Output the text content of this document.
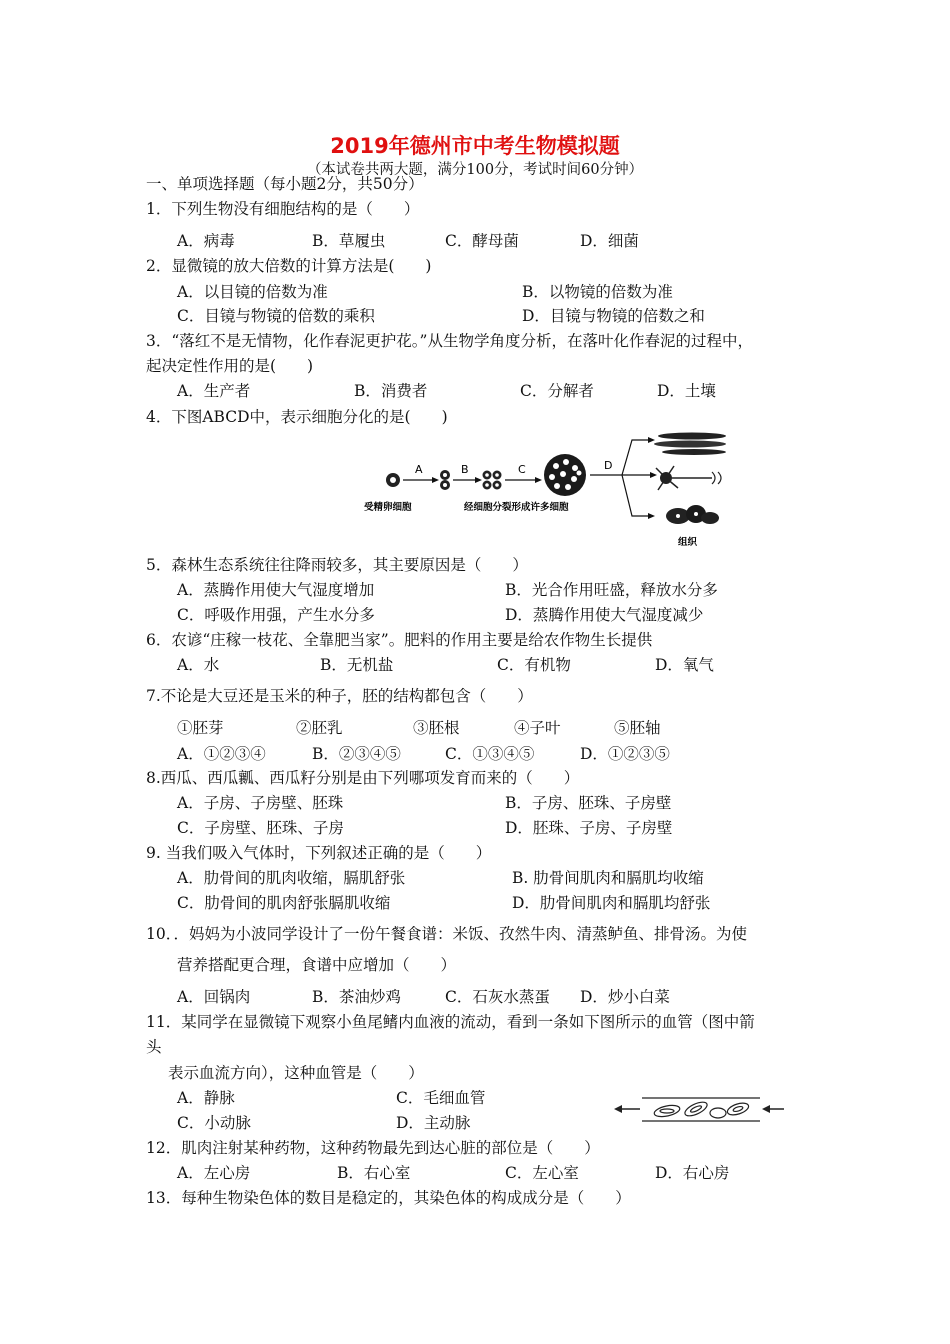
2019年德州市中考生物模拟题
（本试卷共两大题，满分100分，考试时间60分钟）
一、单项选择题（每小题2分，共50分）
1．下列生物没有细胞结构的是（　　）
A．病毒	B．草履虫	C．酵母菌	D．细菌
2．显微镜的放大倍数的计算方法是(　　)
A．以目镜的倍数为准	B．以物镜的倍数为准
C．目镜与物镜的倍数的乘积	D．目镜与物镜的倍数之和
3．“落红不是无情物，化作春泥更护花。”从生物学角度分析，在落叶化作春泥的过程中，
起决定性作用的是(　　)
A．生产者	B．消费者	C．分解者	D．土壤
4．下图ABCD中，表示细胞分化的是(　　)
A	B	C	D
受精卵细胞	经细胞分裂形成许多细胞
组织
5．森林生态系统往往降雨较多，其主要原因是（　　）
A．蒸腾作用使大气湿度增加	B．光合作用旺盛，释放水分多
C．呼吸作用强，产生水分多	D．蒸腾作用使大气湿度减少
6．农谚“庄稼一枝花、全靠肥当家”。肥料的作用主要是给农作物生长提供
A．水	B．无机盐	C．有机物	D．氧气
7.不论是大豆还是玉米的种子，胚的结构都包含（　　）
①胚芽	②胚乳	③胚根	④子叶	⑤胚轴
A．①②③④	B．②③④⑤	C．①③④⑤	D．①②③⑤
8.西瓜、西瓜瓤、西瓜籽分别是由下列哪项发育而来的（　　）
A．子房、子房壁、胚珠	B．子房、胚珠、子房壁
C．子房壁、胚珠、子房	D．胚珠、子房、子房壁
9. 当我们吸入气体时，下列叙述正确的是（　　）
A．肋骨间的肌肉收缩，膈肌舒张	B. 肋骨间肌肉和膈肌均收缩
C．肋骨间的肌肉舒张膈肌收缩	D．肋骨间肌肉和膈肌均舒张
10．．妈妈为小波同学设计了一份午餐食谱：米饭、孜然牛肉、清蒸鲈鱼、排骨汤。为使
营养搭配更合理，食谱中应增加（　　）
A．回锅肉	B．茶油炒鸡	C．石灰水蒸蛋 D．炒小白菜
11．某同学在显微镜下观察小鱼尾鳍内血液的流动，看到一条如下图所示的血管（图中箭
头
表示血流方向），这种血管是（　　）
A．静脉	C．毛细血管
C．小动脉	D．主动脉
12．肌肉注射某种药物，这种药物最先到达心脏的部位是（　　）
A．左心房	B．右心室	C．左心室	D．右心房
13．每种生物染色体的数目是稳定的，其染色体的构成成分是（　　）
